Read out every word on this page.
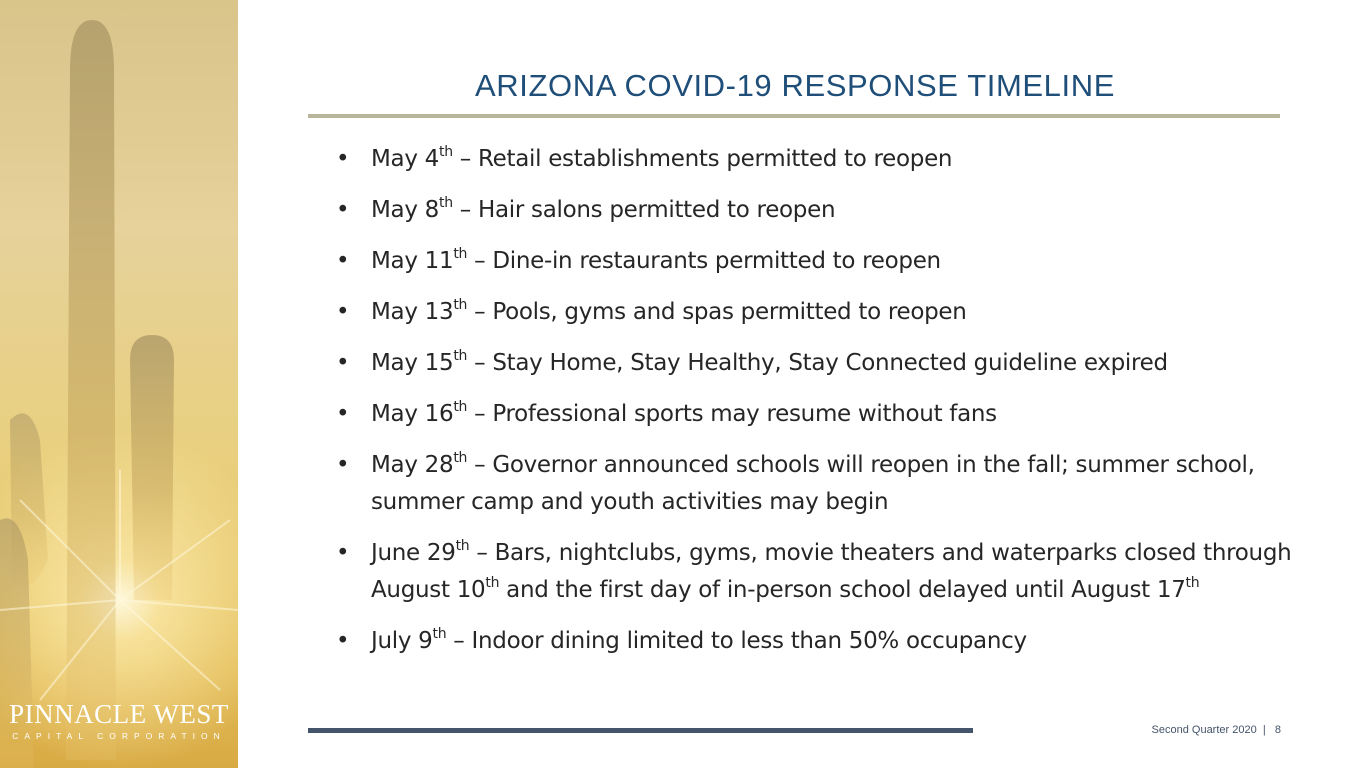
PINNACLE WEST
CAPITAL CORPORATION
ARIZONA COVID-19 RESPONSE TIMELINE
• May 4th – Retail establishments permitted to reopen
• May 8th – Hair salons permitted to reopen
• May 11th – Dine-in restaurants permitted to reopen
• May 13th – Pools, gyms and spas permitted to reopen
• May 15th – Stay Home, Stay Healthy, Stay Connected guideline expired
• May 16th – Professional sports may resume without fans
• May 28th – Governor announced schools will reopen in the fall; summer school, summer camp and youth activities may begin
• June 29th – Bars, nightclubs, gyms, movie theaters and waterparks closed through August 10th and the first day of in-person school delayed until August 17th
• July 9th – Indoor dining limited to less than 50% occupancy
Second Quarter 2020 | 8
